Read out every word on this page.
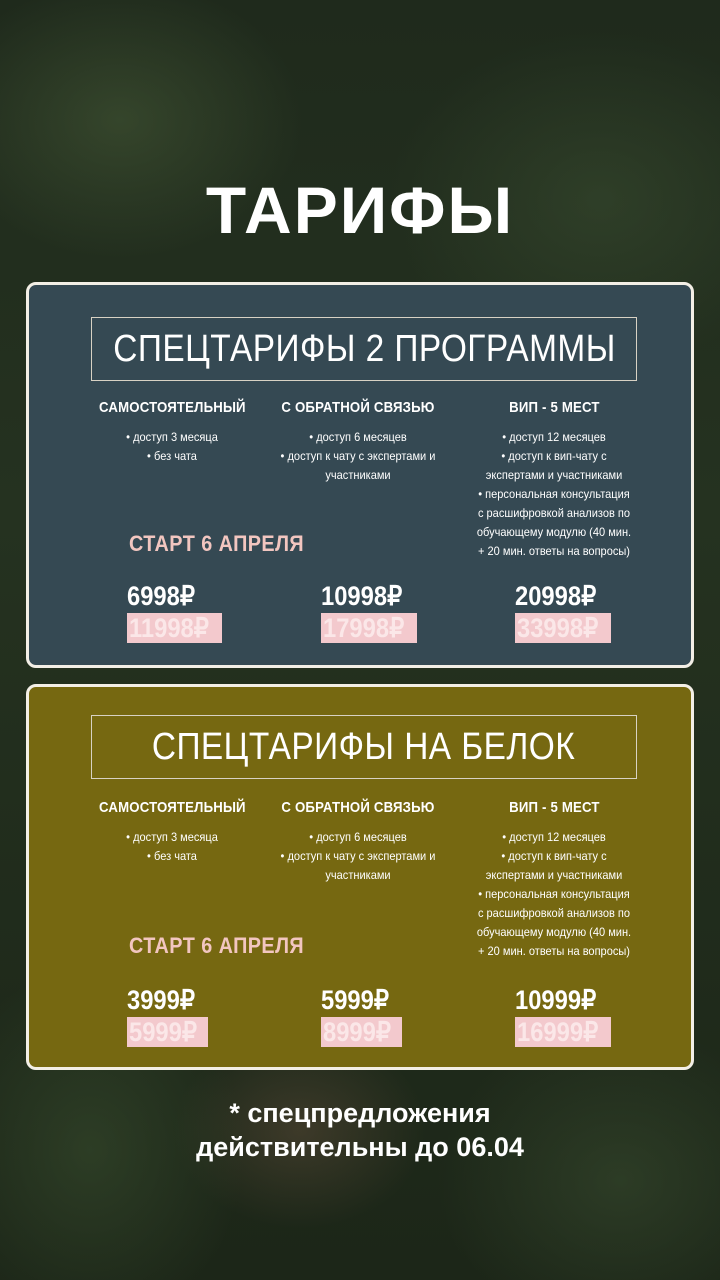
ТАРИФЫ
СПЕЦТАРИФЫ 2 ПРОГРАММЫ
САМОСТОЯТЕЛЬНЫЙ
• доступ 3 месяца
• без чата
С ОБРАТНОЙ СВЯЗЬЮ
• доступ 6 месяцев
• доступ к чату с экспертами и
участниками
ВИП - 5 МЕСТ
• доступ 12 месяцев
• доступ к вип-чату с
экспертами и участниками
• персональная консультация
с расшифровкой анализов по
обучающему модулю (40 мин.
+ 20 мин. ответы на вопросы)
СТАРТ 6 АПРЕЛЯ
6998₽
11998₽
10998₽
17998₽
20998₽
33998₽
СПЕЦТАРИФЫ НА БЕЛОК
САМОСТОЯТЕЛЬНЫЙ
• доступ 3 месяца
• без чата
С ОБРАТНОЙ СВЯЗЬЮ
• доступ 6 месяцев
• доступ к чату с экспертами и
участниками
ВИП - 5 МЕСТ
• доступ 12 месяцев
• доступ к вип-чату с
экспертами и участниками
• персональная консультация
с расшифровкой анализов по
обучающему модулю (40 мин.
+ 20 мин. ответы на вопросы)
СТАРТ 6 АПРЕЛЯ
3999₽
5999₽
5999₽
8999₽
10999₽
16999₽
* спецпредложения
действительны до 06.04
